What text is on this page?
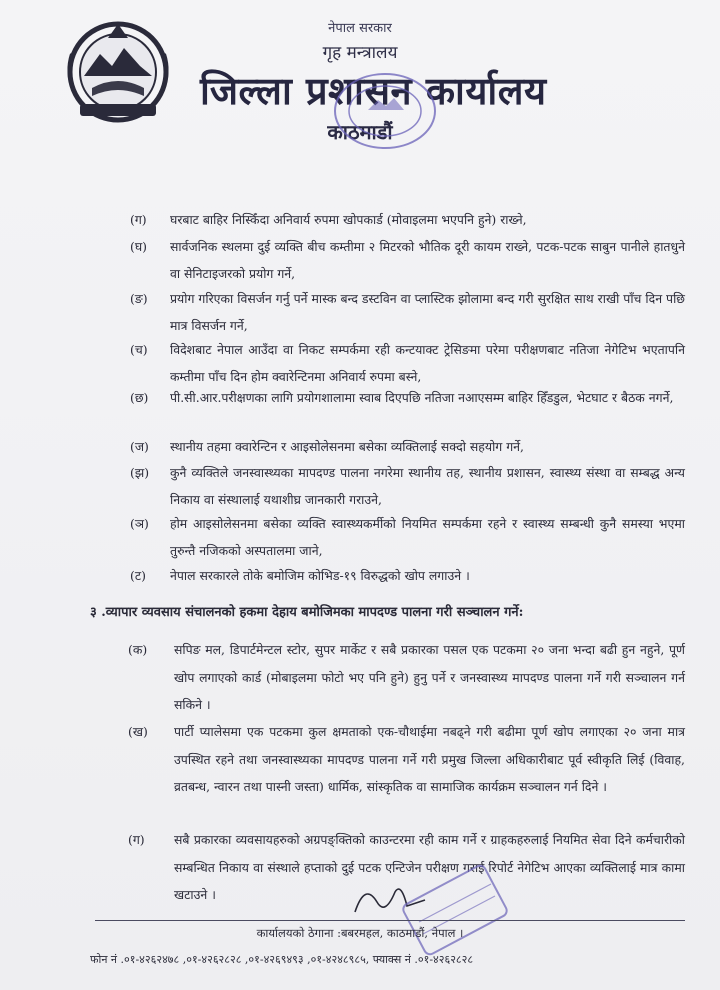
नेपाल सरकार
गृह मन्त्रालय
जिल्ला प्रशासन कार्यालय
काठमाडौं
(ग)	घरबाट बाहिर निस्किँदा अनिवार्य रुपमा खोपकार्ड (मोवाइलमा भएपनि हुने) राख्ने,
(घ)	सार्वजनिक स्थलमा दुई व्यक्ति बीच कम्तीमा २ मिटरको भौतिक दूरी कायम राख्ने, पटक-पटक साबुन पानीले हातधुने वा सेनिटाइजरको प्रयोग गर्ने,
(ङ)	प्रयोग गरिएका विसर्जन गर्नु पर्ने मास्क बन्द डस्टविन वा प्लास्टिक झोलामा बन्द गरी सुरक्षित साथ राखी पाँच दिन पछि मात्र विसर्जन गर्ने,
(च)	विदेशबाट नेपाल आउँदा वा निकट सम्पर्कमा रही कन्टयाक्ट ट्रेसिङमा परेमा परीक्षणबाट नतिजा नेगेटिभ भएतापनि कम्तीमा पाँच दिन होम क्वारेन्टिनमा अनिवार्य रुपमा बस्ने,
(छ)	पी.सी.आर.परीक्षणका लागि प्रयोगशालामा स्वाब दिएपछि नतिजा नआएसम्म बाहिर हिँडडुल, भेटघाट र बैठक नगर्ने,
(ज)	स्थानीय तहमा क्वारेन्टिन र आइसोलेसनमा बसेका व्यक्तिलाई सक्दो सहयोग गर्ने,
(झ)	कुनै व्यक्तिले जनस्वास्थ्यका मापदण्ड पालना नगरेमा स्थानीय तह, स्थानीय प्रशासन, स्वास्थ्य संस्था वा सम्बद्ध अन्य निकाय वा संस्थालाई यथाशीघ्र जानकारी गराउने,
(ञ)	होम आइसोलेसनमा बसेका व्यक्ति स्वास्थ्यकर्मीको नियमित सम्पर्कमा रहने र स्वास्थ्य सम्बन्धी कुनै समस्या भएमा तुरुन्तै नजिकको अस्पतालमा जाने,
(ट)	नेपाल सरकारले तोके बमोजिम कोभिड-१९ विरुद्धको खोप लगाउने ।
३ .व्यापार व्यवसाय संचालनको हकमा देहाय बमोजिमका मापदण्ड पालना गरी सञ्चालन गर्ने:
(क)	सपिङ मल, डिपार्टमेन्टल स्टोर, सुपर मार्केट र सबै प्रकारका पसल एक पटकमा २० जना भन्दा बढी हुन नहुने, पूर्ण खोप लगाएको कार्ड (मोबाइलमा फोटो भए पनि हुने) हुनु पर्ने र जनस्वास्थ्य मापदण्ड पालना गर्ने गरी सञ्चालन गर्न सकिने ।
(ख)	पार्टी प्यालेसमा एक पटकमा कुल क्षमताको एक-चौथाईमा नबढ्ने गरी बढीमा पूर्ण खोप लगाएका २० जना मात्र उपस्थित रहने तथा जनस्वास्थ्यका मापदण्ड पालना गर्ने गरी प्रमुख जिल्ला अधिकारीबाट पूर्व स्वीकृति लिई (विवाह, व्रतबन्ध, न्वारन तथा पास्नी जस्ता) धार्मिक, सांस्कृतिक वा सामाजिक कार्यक्रम सञ्चालन गर्न दिने ।
(ग)	सबै प्रकारका व्यवसायहरुको अग्रपङ्क्तिको काउन्टरमा रही काम गर्ने र ग्राहकहरुलाई नियमित सेवा दिने कर्मचारीको सम्बन्धित निकाय वा संस्थाले हप्ताको दुई पटक एन्टिजेन परीक्षण गराई रिपोर्ट नेगेटिभ आएका व्यक्तिलाई मात्र कामा खटाउने ।
कार्यालयको ठेगाना :बबरमहल, काठमाडौं, नेपाल ।
फोन नं .०१-४२६२४७८ ,०१-४२६२८२८ ,०१-४२६९४९३ ,०१-४२४८९८५, फ्याक्स नं .०१-४२६२८२८
